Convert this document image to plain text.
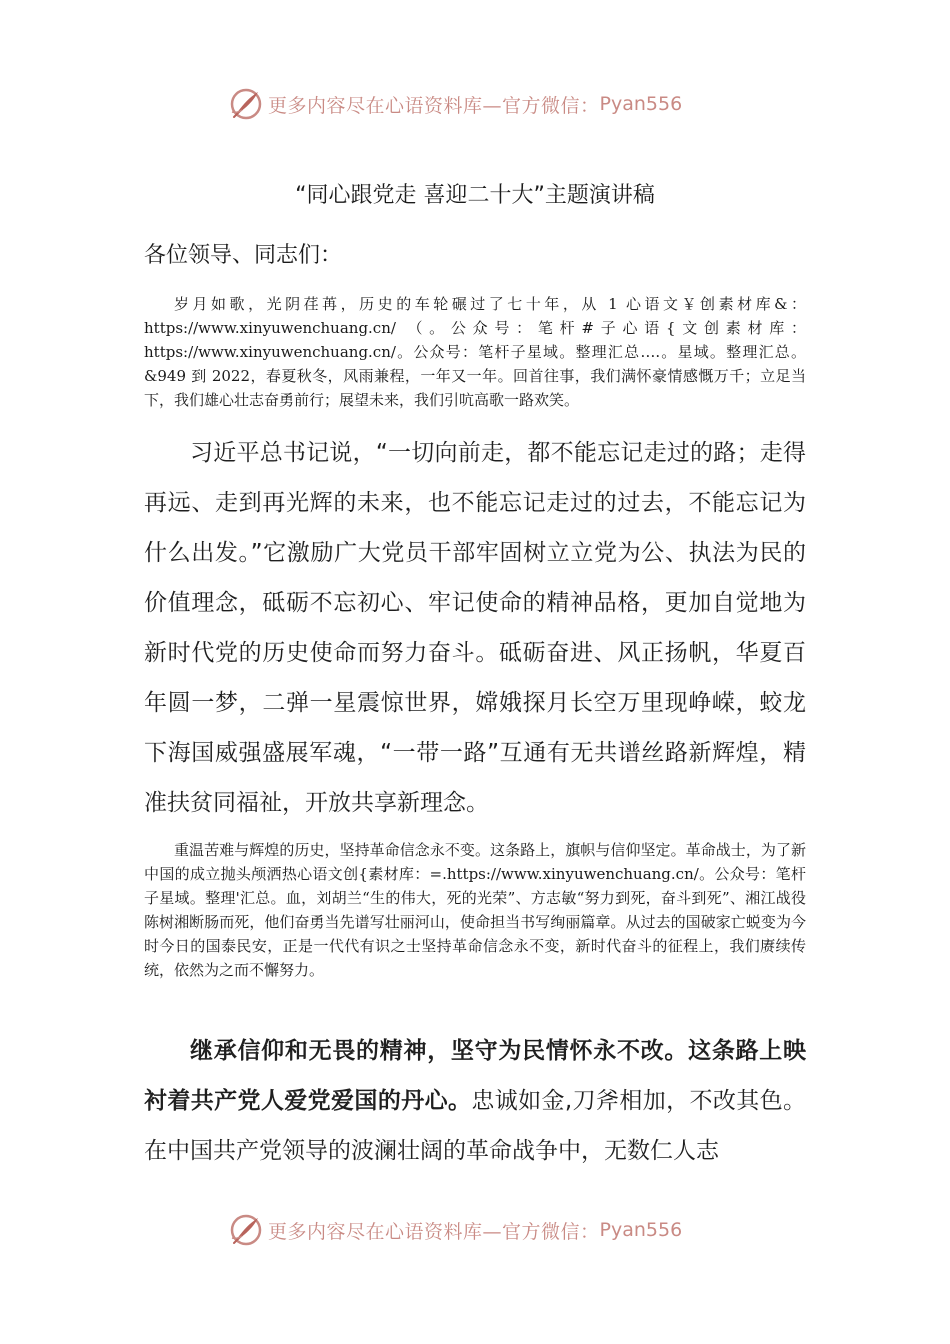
更多内容尽在心语资料库—官方微信： Pyan556
“同心跟党走 喜迎二十大”主题演讲稿
各位领导、同志们：
岁月如歌，光阴荏苒，历史的车轮碾过了七十年，从 1 心语文￥创素材库&：https://www.xinyuwenchuang.cn/ （。公众号：笔杆#子心语{文创素材库：https://www.xinyuwenchuang.cn/。公众号：笔杆子星域。整理汇总….。星域。整理汇总。&949 到 2022，春夏秋冬，风雨兼程，一年又一年。回首往事，我们满怀豪情感慨万千；立足当下，我们雄心壮志奋勇前行；展望未来，我们引吭高歌一路欢笑。
习近平总书记说，“一切向前走，都不能忘记走过的路；走得再远、走到再光辉的未来，也不能忘记走过的过去，不能忘记为什么出发。”它激励广大党员干部牢固树立立党为公、执法为民的价值理念，砥砺不忘初心、牢记使命的精神品格，更加自觉地为新时代党的历史使命而努力奋斗。砥砺奋进、风正扬帆，华夏百年圆一梦，二弹一星震惊世界，嫦娥探月长空万里现峥嵘，蛟龙下海国威强盛展军魂，“一带一路”互通有无共谱丝路新辉煌，精准扶贫同福祉，开放共享新理念。
重温苦难与辉煌的历史，坚持革命信念永不变。这条路上，旗帜与信仰坚定。革命战士，为了新中国的成立抛头颅洒热心语文创{素材库：=.https://www.xinyuwenchuang.cn/。公众号：笔杆子星域。整理'汇总。血，刘胡兰“生的伟大，死的光荣”、方志敏“努力到死，奋斗到死”、湘江战役陈树湘断肠而死，他们奋勇当先谱写壮丽河山，使命担当书写绚丽篇章。从过去的国破家亡蜕变为今时今日的国泰民安，正是一代代有识之士坚持革命信念永不变，新时代奋斗的征程上，我们赓续传统，依然为之而不懈努力。
继承信仰和无畏的精神，坚守为民情怀永不改。这条路上映衬着共产党人爱党爱国的丹心。忠诚如金,刀斧相加，不改其色。在中国共产党领导的波澜壮阔的革命战争中，无数仁人志
更多内容尽在心语资料库—官方微信： Pyan556
